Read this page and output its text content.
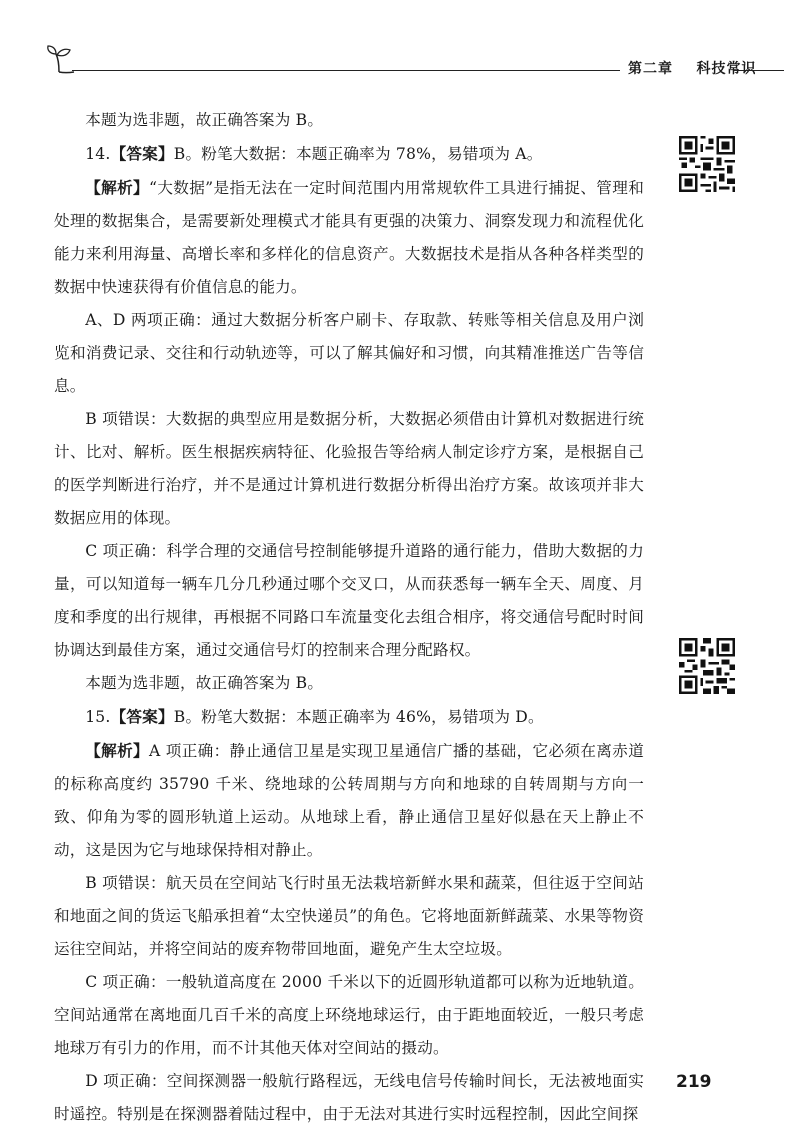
第二章 科技常识

本题为选非题，故正确答案为 B。

14.【答案】B。粉笔大数据：本题正确率为 78%，易错项为 A。

【解析】“大数据”是指无法在一定时间范围内用常规软件工具进行捕捉、管理和处理的数据集合，是需要新处理模式才能具有更强的决策力、洞察发现力和流程优化能力来利用海量、高增长率和多样化的信息资产。大数据技术是指从各种各样类型的数据中快速获得有价值信息的能力。

A、D 两项正确：通过大数据分析客户刷卡、存取款、转账等相关信息及用户浏览和消费记录、交往和行动轨迹等，可以了解其偏好和习惯，向其精准推送广告等信息。

B 项错误：大数据的典型应用是数据分析，大数据必须借由计算机对数据进行统计、比对、解析。医生根据疾病特征、化验报告等给病人制定诊疗方案，是根据自己的医学判断进行治疗，并不是通过计算机进行数据分析得出治疗方案。故该项并非大数据应用的体现。

C 项正确：科学合理的交通信号控制能够提升道路的通行能力，借助大数据的力量，可以知道每一辆车几分几秒通过哪个交叉口，从而获悉每一辆车全天、周度、月度和季度的出行规律，再根据不同路口车流量变化去组合相序，将交通信号配时时间协调达到最佳方案，通过交通信号灯的控制来合理分配路权。

本题为选非题，故正确答案为 B。

15.【答案】B。粉笔大数据：本题正确率为 46%，易错项为 D。

【解析】A 项正确：静止通信卫星是实现卫星通信广播的基础，它必须在离赤道的标称高度约 35790 千米、绕地球的公转周期与方向和地球的自转周期与方向一致、仰角为零的圆形轨道上运动。从地球上看，静止通信卫星好似悬在天上静止不动，这是因为它与地球保持相对静止。

B 项错误：航天员在空间站飞行时虽无法栽培新鲜水果和蔬菜，但往返于空间站和地面之间的货运飞船承担着“太空快递员”的角色。它将地面新鲜蔬菜、水果等物资运往空间站，并将空间站的废弃物带回地面，避免产生太空垃圾。

C 项正确：一般轨道高度在 2000 千米以下的近圆形轨道都可以称为近地轨道。空间站通常在离地面几百千米的高度上环绕地球运行，由于距地面较近，一般只考虑地球万有引力的作用，而不计其他天体对空间站的摄动。

D 项正确：空间探测器一般航行路程远，无线电信号传输时间长，无法被地面实时遥控。特别是在探测器着陆过程中，由于无法对其进行实时远程控制，因此空间探

219
